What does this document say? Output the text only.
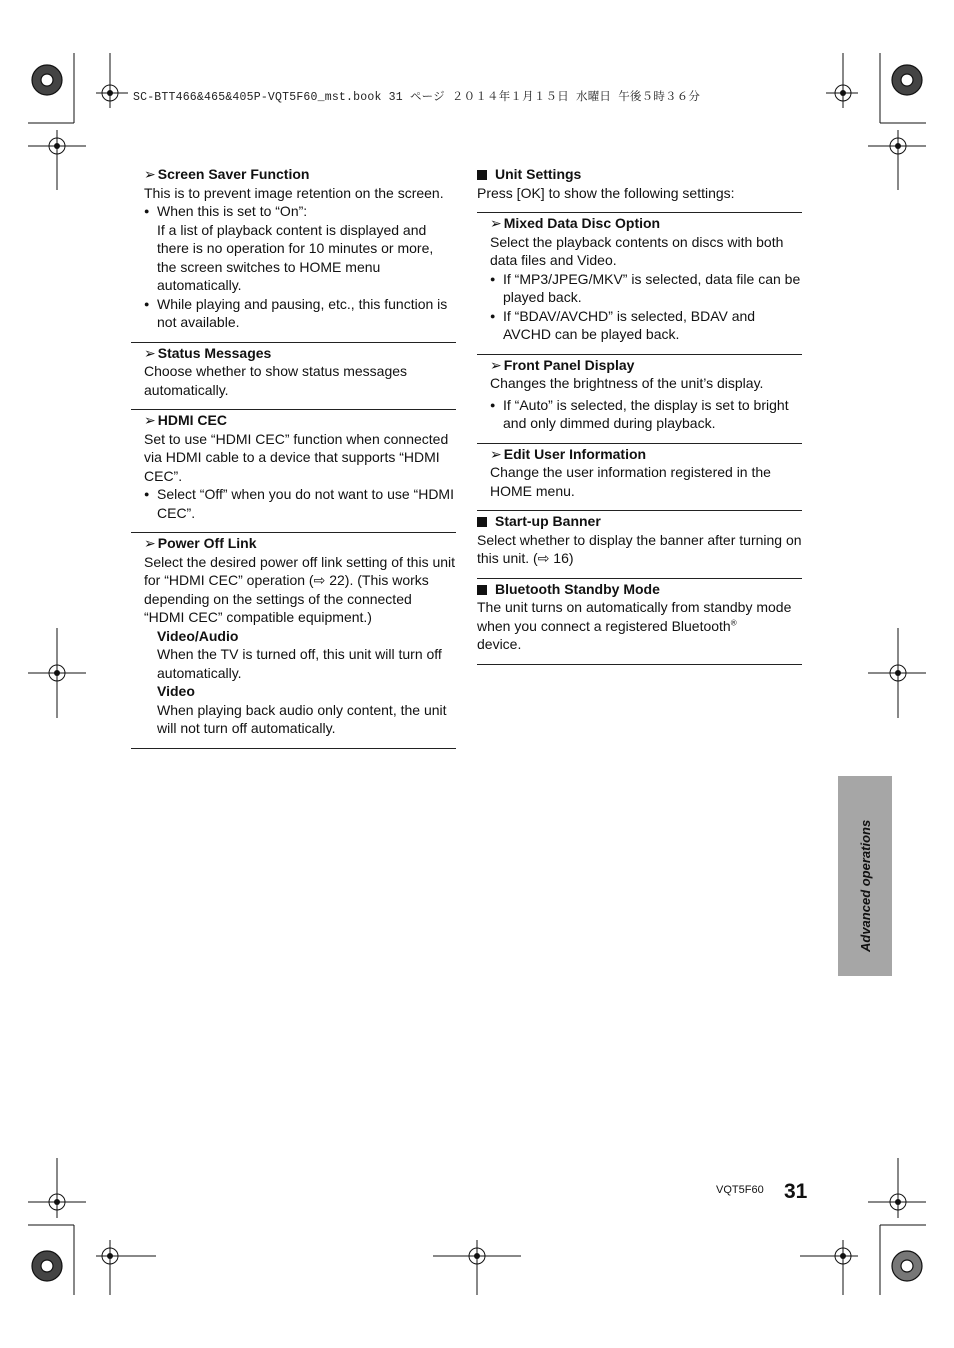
SC-BTT466&465&405P-VQT5F60_mst.book 31 ページ ２０１４年１月１５日 水曜日 午後５時３６分
➢ Screen Saver Function

This is to prevent image retention on the screen.

● When this is set to “On”:

If a list of playback content is displayed and there is no operation for 10 minutes or more, the screen switches to HOME menu automatically.

● While playing and pausing, etc., this function is not available.
➢ Status Messages

Choose whether to show status messages automatically.

➢ HDMI CEC

Set to use “HDMI CEC” function when connected via HDMI cable to a device that supports “HDMI CEC”.

● Select “Off” when you do not want to use “HDMI CEC”.
➢ Power Off Link

Select the desired power off link setting of this unit for “HDMI CEC” operation (⇨ 22). (This works depending on the settings of the connected “HDMI CEC” compatible equipment.)

Video/Audio

When the TV is turned off, this unit will turn off automatically.

Video

When playing back audio only content, the unit will not turn off automatically.

Unit Settings

Press [OK] to show the following settings:

➢ Mixed Data Disc Option

Select the playback contents on discs with both data files and Video.

● If “MP3/JPEG/MKV” is selected, data file can be played back.
● If “BDAV/AVCHD” is selected, BDAV and AVCHD can be played back.
➢ Front Panel Display

Changes the brightness of the unit’s display.

● If “Auto” is selected, the display is set to bright and only dimmed during playback.
➢ Edit User Information

Change the user information registered in the HOME menu.

Start-up Banner

Select whether to display the banner after turning on this unit. (⇨ 16)

Bluetooth Standby Mode

The unit turns on automatically from standby mode when you connect a registered Bluetooth®
device.

Advanced operations
VQT5F60 31
